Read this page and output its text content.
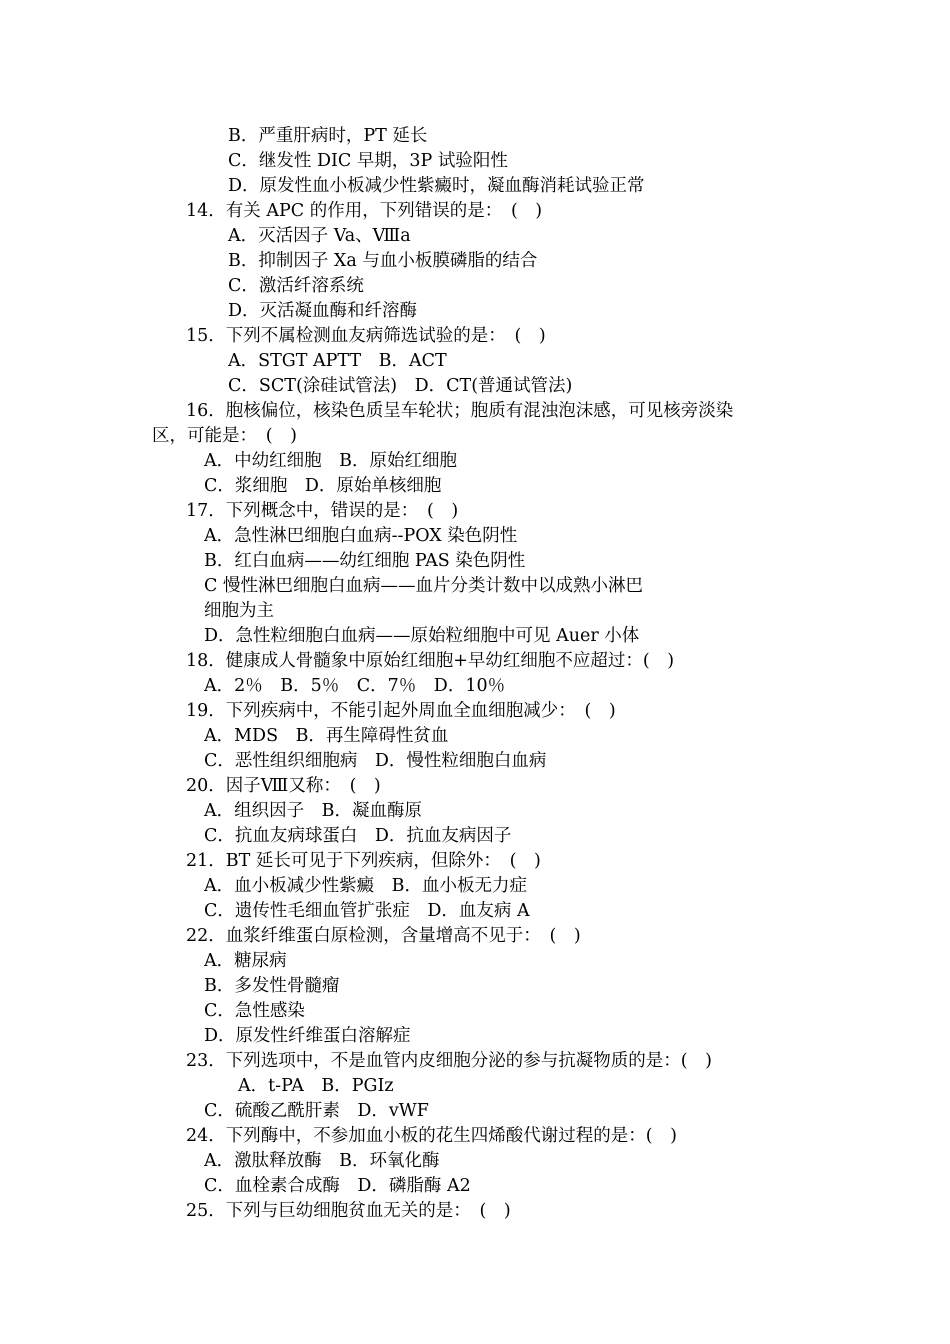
B．严重肝病时，PT 延长
C．继发性 DIC 早期，3P 试验阳性
D．原发性血小板减少性紫癜时，凝血酶消耗试验正常
14．有关 APC 的作用，下列错误的是：　(　)
A．灭活因子 Va、Ⅷa
B．抑制因子 Xa 与血小板膜磷脂的结合
C．激活纤溶系统
D．灭活凝血酶和纤溶酶
15．下列不属检测血友病筛选试验的是：　(　)
A．STGT APTT　B．ACT
C．SCT(涂硅试管法)　D．CT(普通试管法)
16．胞核偏位，核染色质呈车轮状；胞质有混浊泡沫感，可见核旁淡染
区，可能是：　(　)
A．中幼红细胞　B．原始红细胞
C．浆细胞　D．原始单核细胞
17．下列概念中，错误的是：　(　)
A．急性淋巴细胞白血病--POX 染色阴性
B．红白血病——幼红细胞 PAS 染色阴性
C 慢性淋巴细胞白血病——血片分类计数中以成熟小淋巴
细胞为主
D．急性粒细胞白血病——原始粒细胞中可见 Auer 小体
18．健康成人骨髓象中原始红细胞+早幼红细胞不应超过：(　)
A．2％　B．5％　C．7％　D．10％
19．下列疾病中，不能引起外周血全血细胞减少：　(　)
A．MDS　B．再生障碍性贫血
C．恶性组织细胞病　D．慢性粒细胞白血病
20．因子Ⅷ又称：　(　)
A．组织因子　B．凝血酶原
C．抗血友病球蛋白　D．抗血友病因子
21．BT 延长可见于下列疾病，但除外：　(　)
A．血小板减少性紫癜　B．血小板无力症
C．遗传性毛细血管扩张症　D．血友病 A
22．血浆纤维蛋白原检测，含量增高不见于：　(　)
A．糖尿病
B．多发性骨髓瘤
C．急性感染
D．原发性纤维蛋白溶解症
23．下列选项中，不是血管内皮细胞分泌的参与抗凝物质的是：(　)
A．t-PA　B．PGIz
C．硫酸乙酰肝素　D．vWF
24．下列酶中，不参加血小板的花生四烯酸代谢过程的是：(　)
A．激肽释放酶　B．环氧化酶
C．血栓素合成酶　D．磷脂酶 A2
25．下列与巨幼细胞贫血无关的是：　(　)
